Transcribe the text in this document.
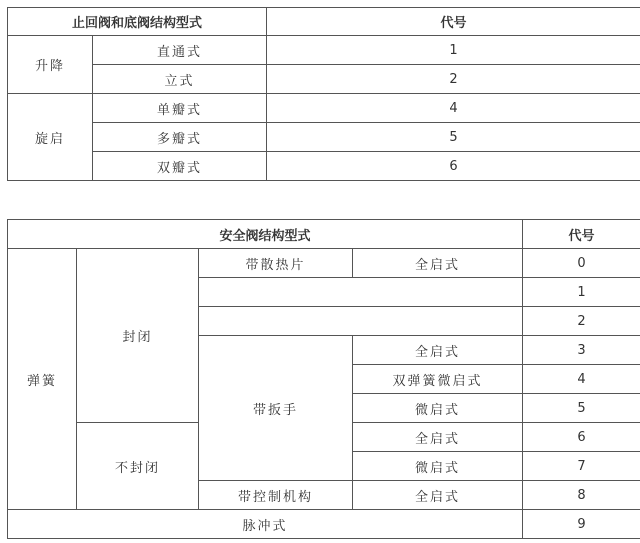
止回阀和底阀结构型式		代号
升降	直通式	1
	立式	2
旋启	单瓣式	4
	多瓣式	5
	双瓣式	6
安全阀结构型式				代号
弹簧	封闭	带散热片	全启式	0
				1
				2
		带扳手	全启式	3
			双弹簧微启式	4
			微启式	5
	不封闭		全启式	6
			微启式	7
		带控制机构	全启式	8
脉冲式				9
